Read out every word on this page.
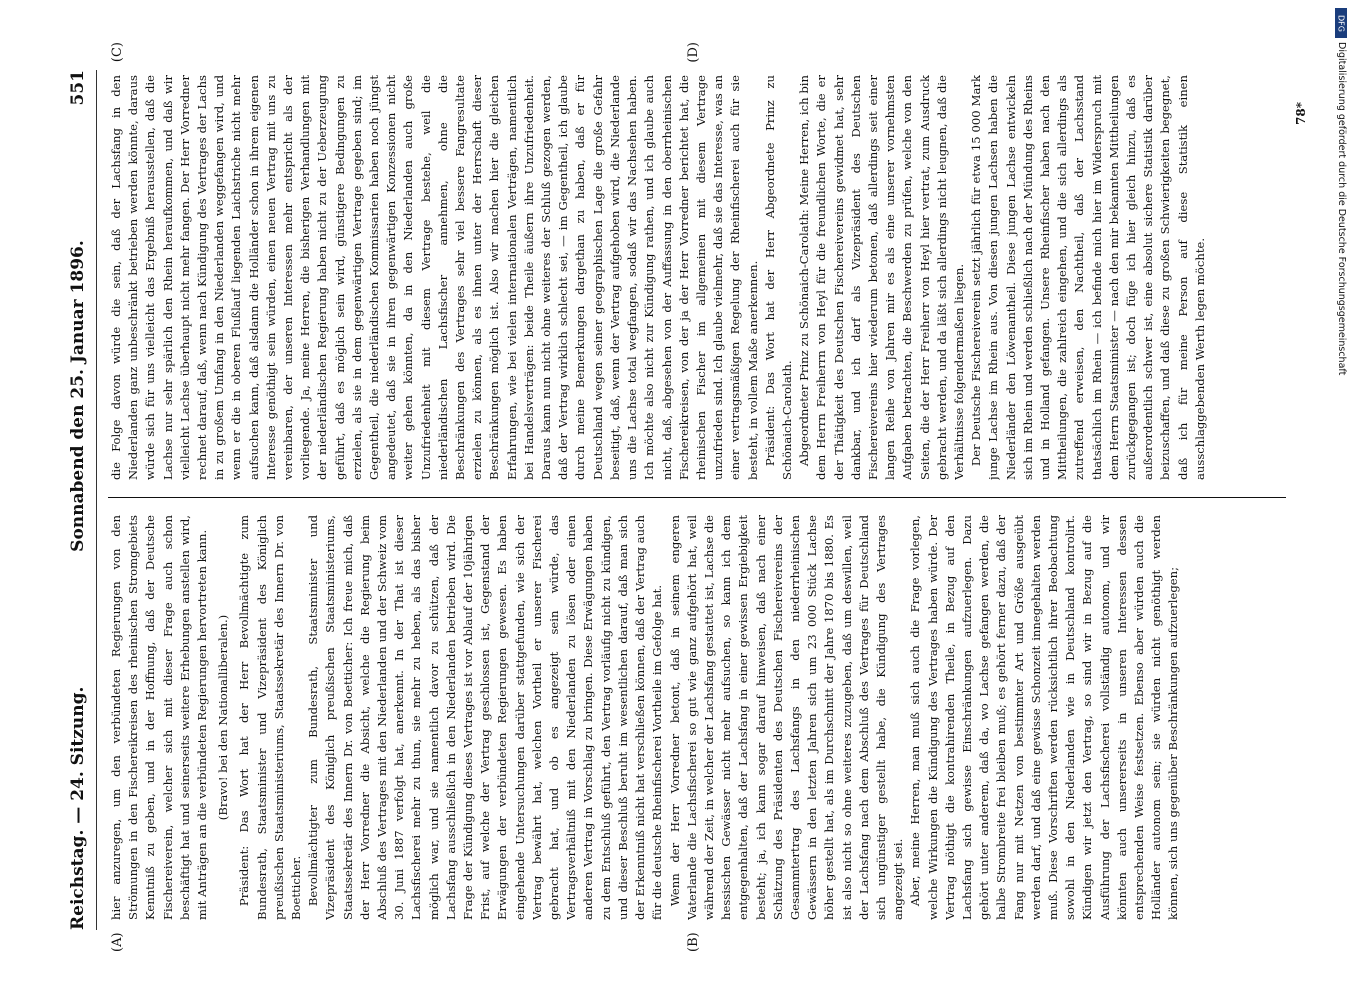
Reichstag. — 24. Sitzung.
Sonnabend den 25. Januar 1896.
551
(A)	(B)
(C)	(D)

hier anzuregen, um den verbündeten Regierungen von den Strömungen in den Fischereikreisen des rheinischen Stromgebiets Kenntniß zu geben, und in der Hoffnung, daß der Deutsche Fischereiverein, welcher sich mit dieser Frage auch schon beschäftigt hat und seinerseits weitere Erhebungen anstellen wird, mit Anträgen an die verbündeten Regierungen hervortreten kann. (Bravo! bei den Nationalliberalen.) Präsident: Das Wort hat der Herr Bevollmächtigte zum Bundesrath, Staatsminister und Vizepräsident des Königlich preußischen Staatsministeriums, Staatssekretär des Innern Dr. von Boetticher. Bevollmächtigter zum Bundesrath, Staatsminister und Vizepräsident des Königlich preußischen Staatsministeriums, Staatssekretär des Innern Dr. von Boetticher: Ich freue mich, daß der Herr Vorredner die Absicht, welche die Regierung beim Abschluß des Vertrages mit den Niederlanden und der Schweiz vom 30. Juni 1887 verfolgt hat, anerkennt. In der That ist dieser Lachsfischerei mehr zu thun, sie mehr zu heben, als das bisher möglich war, und sie namentlich davor zu schützen, daß der Lachsfang ausschließlich in den Niederlanden betrieben wird. Die Frage der Kündigung dieses Vertrages ist vor Ablauf der 10jährigen Frist, auf welche der Vertrag geschlossen ist, Gegenstand der Erwägungen der verbündeten Regierungen gewesen. Es haben eingehende Untersuchungen darüber stattgefunden, wie sich der Vertrag bewährt hat, welchen Vortheil er unserer Fischerei gebracht hat, und ob es angezeigt sein würde, das Vertragsverhältniß mit den Niederlanden zu lösen oder einen anderen Vertrag in Vorschlag zu bringen. Diese Erwägungen haben zu dem Entschluß geführt, den Vertrag vorläufig nicht zu kündigen, und dieser Beschluß beruht im wesentlichen darauf, daß man sich der Erkenntniß nicht hat verschließen können, daß der Vertrag auch für die deutsche Rheinfischerei Vortheile im Gefolge hat. Wenn der Herr Vorredner betont, daß in seinem engeren Vaterlande die Lachsfischerei so gut wie ganz aufgehört hat, weil während der Zeit, in welcher der Lachsfang gestattet ist, Lachse die hessischen Gewässer nicht mehr aufsuchen, so kann ich dem entgegenhalten, daß der Lachsfang in einer gewissen Ergiebigkeit besteht; ja, ich kann sogar darauf hinweisen, daß nach einer Schätzung des Präsidenten des Deutschen Fischereivereins der Gesammtertrag des Lachsfangs in den niederrheinischen Gewässern in den letzten Jahren sich um 23 000 Stück Lachse höher gestellt hat, als im Durchschnitt der Jahre 1870 bis 1880. Es ist also nicht so ohne weiteres zuzugeben, daß um deswillen, weil der Lachsfang nach dem Abschluß des Vertrages für Deutschland sich ungünstiger gestellt habe, die Kündigung des Vertrages angezeigt sei. Aber, meine Herren, man muß sich auch die Frage vorlegen, welche Wirkungen die Kündigung des Vertrages haben würde. Der Vertrag nöthigt die kontrahirenden Theile, in Bezug auf den Lachsfang sich gewisse Einschränkungen aufzuerlegen. Dazu gehört unter anderem, daß da, wo Lachse gefangen werden, die halbe Strombreite frei bleiben muß; es gehört ferner dazu, daß der Fang nur mit Netzen von bestimmter Art und Größe ausgeübt werden darf, und daß eine gewisse Schonzeit innegehalten werden muß. Diese Vorschriften werden rücksichtlich ihrer Beobachtung sowohl in den Niederlanden wie in Deutschland kontrolirt. Kündigen wir jetzt den Vertrag, so sind wir in Bezug auf die Ausführung der Lachsfischerei vollständig autonom, und wir könnten auch unsererseits in unseren Interessen dessen entsprechenden Weise festsetzen. Ebenso aber würden auch die Holländer autonom sein; sie würden nicht genöthigt werden können, sich uns gegenüber Beschränkungen aufzuerlegen;

die Folge davon würde die sein, daß der Lachsfang in den Niederlanden ganz unbeschränkt betrieben werden könnte, daraus würde sich für uns vielleicht das Ergebniß herausstellen, daß die Lachse nur sehr spärlich den Rhein heraufkommen, und daß wir vielleicht Lachse überhaupt nicht mehr fangen. Der Herr Vorredner rechnet darauf, daß, wenn nach Kündigung des Vertrages der Lachs in zu großem Umfang in den Niederlanden weggefangen wird, und wenn er die in oberen Flußlauf liegenden Laichstriche nicht mehr aufsuchen kann, daß alsdann die Holländer schon in ihrem eigenen Interesse genöthigt sein würden, einen neuen Vertrag mit uns zu vereinbaren, der unseren Interessen mehr entspricht als der vorliegende. Ja, meine Herren, die bisherigen Verhandlungen mit der niederländischen Regierung haben nicht zu der Ueberzeugung geführt, daß es möglich sein wird, günstigere Bedingungen zu erzielen, als sie in dem gegenwärtigen Vertrage gegeben sind; im Gegentheil, die niederländischen Kommissarien haben noch jüngst angedeutet, daß sie in ihren gegenwärtigen Konzessionen nicht weiter gehen könnten, da in den Niederlanden auch große Unzufriedenheit mit diesem Vertrage bestehe, weil die niederländischen Lachsfischer annehmen, ohne die Beschränkungen des Vertrages sehr viel bessere Fangresultate erzielen zu können, als es ihnen unter der Herrschaft dieser Beschränkungen möglich ist. Also wir machen hier die gleichen Erfahrungen, wie bei vielen internationalen Verträgen, namentlich bei Handelsverträgen: beide Theile äußern ihre Unzufriedenheit. Daraus kann nun nicht ohne weiteres der Schluß gezogen werden, daß der Vertrag wirklich schlecht sei, — im Gegentheil, ich glaube durch meine Bemerkungen dargethan zu haben, daß er für Deutschland wegen seiner geographischen Lage die große Gefahr beseitigt, daß, wenn der Vertrag aufgehoben wird, die Niederlande uns die Lachse total wegfangen, sodaß wir das Nachsehen haben. Ich möchte also nicht zur Kündigung rathen, und ich glaube auch nicht, daß, abgesehen von der Auffassung in den oberrheinischen Fischereikreisen, von der ja der Herr Vorredner berichtet hat, die rheinischen Fischer im allgemeinen mit diesem Vertrage unzufrieden sind. Ich glaube vielmehr, daß sie das Interesse, was an einer vertragsmäßigen Regelung der Rheinfischerei auch für sie besteht, in vollem Maße anerkennen. Präsident: Das Wort hat der Herr Abgeordnete Prinz zu Schönaich-Carolath. Abgeordneter Prinz zu Schönaich-Carolath: Meine Herren, ich bin dem Herrn Freiherrn von Heyl für die freundlichen Worte, die er der Thätigkeit des Deutschen Fischereivereins gewidmet hat, sehr dankbar, und ich darf als Vizepräsident des Deutschen Fischereivereins hier wiederum betonen, daß allerdings seit einer langen Reihe von Jahren mir es als eine unserer vornehmsten Aufgaben betrachten, die Beschwerden zu prüfen, welche von den Seiten, die der Herr Freiherr von Heyl hier vertrat, zum Ausdruck gebracht werden, und da läßt sich allerdings nicht leugnen, daß die Verhältnisse folgendermaßen liegen. Der Deutsche Fischereiverein setzt jährlich für etwa 15 000 Mark junge Lachse im Rhein aus. Von diesen jungen Lachsen haben die Niederländer den Löwenantheil. Diese jungen Lachse entwickeln sich im Rhein und werden schließlich nach der Mündung des Rheins und in Holland gefangen. Unsere Rheinfischer haben nach den Mittheilungen, die zahlreich eingehen, und die sich allerdings als zutreffend erweisen, den Nachtheil, daß der Lachsstand thatsächlich im Rhein — ich befinde mich hier im Widerspruch mit dem Herrn Staatsminister — nach den mir bekannten Mittheilungen zurückgegangen ist; doch füge ich hier gleich hinzu, daß es außerordentlich schwer ist, eine absolut sichere Statistik darüber beizuschaffen, und daß diese zu großen Schwierigkeiten begegnet, daß ich für meine Person auf diese Statistik einen ausschlaggebenden Werth legen möchte.

78*
DFG
Digitalisierung gefördert durch die Deutsche Forschungsgemeinschaft
